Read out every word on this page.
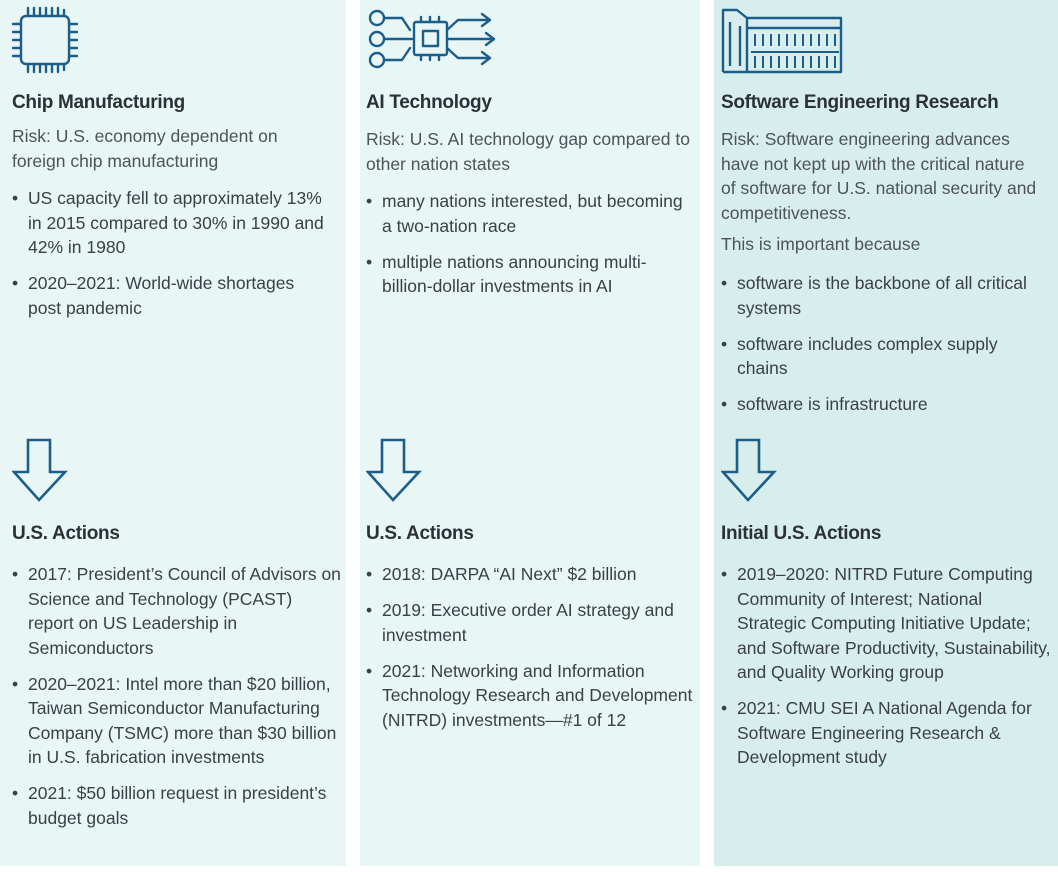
Chip Manufacturing
Risk: U.S. economy dependent on foreign chip manufacturing
• US capacity fell to approximately 13% in 2015 compared to 30% in 1990 and 42% in 1980
• 2020–2021: World-wide shortages post pandemic
U.S. Actions
• 2017: President’s Council of Advisors on Science and Technology (PCAST) report on US Leadership in Semiconductors
• 2020–2021: Intel more than $20 billion, Taiwan Semiconductor Manufacturing Company (TSMC) more than $30 billion in U.S. fabrication investments
• 2021: $50 billion request in president’s budget goals
AI Technology
Risk: U.S. AI technology gap compared to other nation states
• many nations interested, but becoming a two-nation race
• multiple nations announcing multi-billion-dollar investments in AI
U.S. Actions
• 2018: DARPA “AI Next” $2 billion
• 2019: Executive order AI strategy and investment
• 2021: Networking and Information Technology Research and Development (NITRD) investments—#1 of 12
Software Engineering Research
Risk: Software engineering advances have not kept up with the critical nature of software for U.S. national security and competitiveness.
This is important because
• software is the backbone of all critical systems
• software includes complex supply chains
• software is infrastructure
Initial U.S. Actions
• 2019–2020: NITRD Future Computing Community of Interest; National Strategic Computing Initiative Update; and Software Productivity, Sustainability, and Quality Working group
• 2021: CMU SEI A National Agenda for Software Engineering Research & Development study
